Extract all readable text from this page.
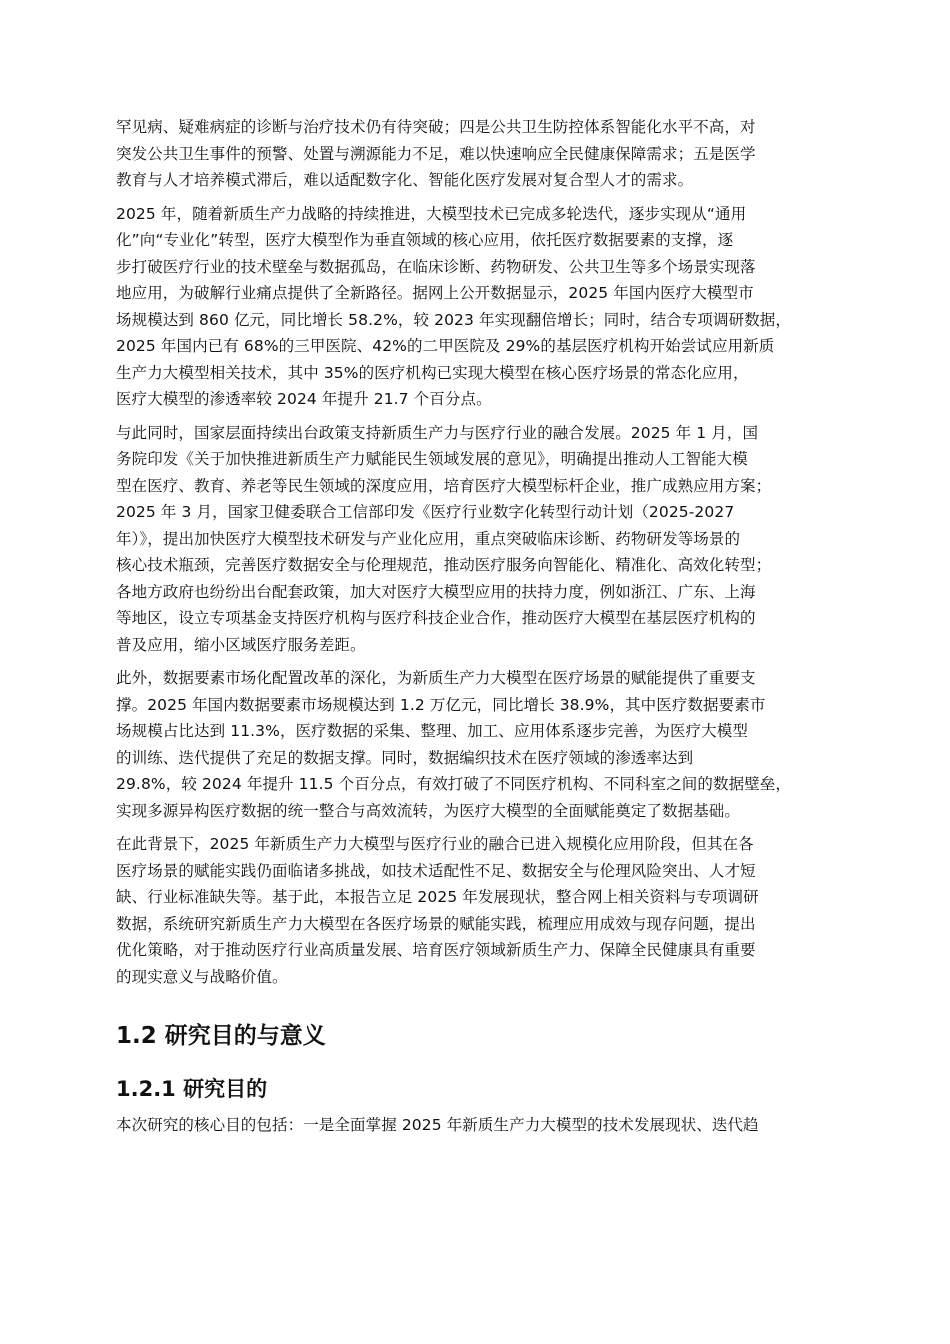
罕见病、疑难病症的诊断与治疗技术仍有待突破；四是公共卫生防控体系智能化水平不高，对
突发公共卫生事件的预警、处置与溯源能力不足，难以快速响应全民健康保障需求；五是医学
教育与人才培养模式滞后，难以适配数字化、智能化医疗发展对复合型人才的需求。
2025 年，随着新质生产力战略的持续推进，大模型技术已完成多轮迭代，逐步实现从“通用
化”向“专业化”转型，医疗大模型作为垂直领域的核心应用，依托医疗数据要素的支撑，逐
步打破医疗行业的技术壁垒与数据孤岛，在临床诊断、药物研发、公共卫生等多个场景实现落
地应用，为破解行业痛点提供了全新路径。据网上公开数据显示，2025 年国内医疗大模型市
场规模达到 860 亿元，同比增长 58.2%，较 2023 年实现翻倍增长；同时，结合专项调研数据，
2025 年国内已有 68%的三甲医院、42%的二甲医院及 29%的基层医疗机构开始尝试应用新质
生产力大模型相关技术，其中 35%的医疗机构已实现大模型在核心医疗场景的常态化应用，
医疗大模型的渗透率较 2024 年提升 21.7 个百分点。
与此同时，国家层面持续出台政策支持新质生产力与医疗行业的融合发展。2025 年 1 月，国
务院印发《关于加快推进新质生产力赋能民生领域发展的意见》，明确提出推动人工智能大模
型在医疗、教育、养老等民生领域的深度应用，培育医疗大模型标杆企业，推广成熟应用方案；
2025 年 3 月，国家卫健委联合工信部印发《医疗行业数字化转型行动计划（2025-2027
年）》，提出加快医疗大模型技术研发与产业化应用，重点突破临床诊断、药物研发等场景的
核心技术瓶颈，完善医疗数据安全与伦理规范，推动医疗服务向智能化、精准化、高效化转型；
各地方政府也纷纷出台配套政策，加大对医疗大模型应用的扶持力度，例如浙江、广东、上海
等地区，设立专项基金支持医疗机构与医疗科技企业合作，推动医疗大模型在基层医疗机构的
普及应用，缩小区域医疗服务差距。
此外，数据要素市场化配置改革的深化，为新质生产力大模型在医疗场景的赋能提供了重要支
撑。2025 年国内数据要素市场规模达到 1.2 万亿元，同比增长 38.9%，其中医疗数据要素市
场规模占比达到 11.3%，医疗数据的采集、整理、加工、应用体系逐步完善，为医疗大模型
的训练、迭代提供了充足的数据支撑。同时，数据编织技术在医疗领域的渗透率达到
29.8%，较 2024 年提升 11.5 个百分点，有效打破了不同医疗机构、不同科室之间的数据壁垒，
实现多源异构医疗数据的统一整合与高效流转，为医疗大模型的全面赋能奠定了数据基础。
在此背景下，2025 年新质生产力大模型与医疗行业的融合已进入规模化应用阶段，但其在各
医疗场景的赋能实践仍面临诸多挑战，如技术适配性不足、数据安全与伦理风险突出、人才短
缺、行业标准缺失等。基于此，本报告立足 2025 年发展现状，整合网上相关资料与专项调研
数据，系统研究新质生产力大模型在各医疗场景的赋能实践，梳理应用成效与现存问题，提出
优化策略，对于推动医疗行业高质量发展、培育医疗领域新质生产力、保障全民健康具有重要
的现实意义与战略价值。
1.2 研究目的与意义
1.2.1 研究目的
本次研究的核心目的包括：一是全面掌握 2025 年新质生产力大模型的技术发展现状、迭代趋
